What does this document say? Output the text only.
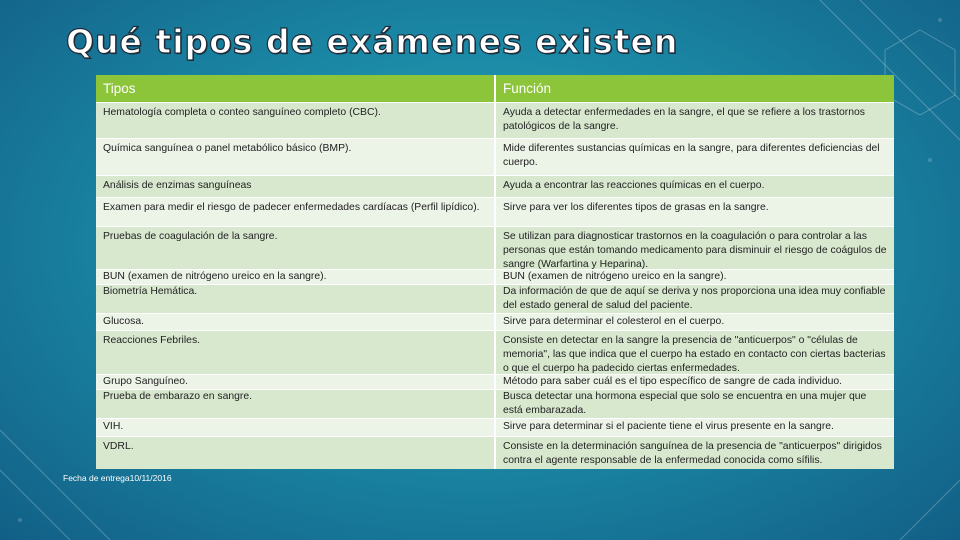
Qué tipos de exámenes existen
Tipos	Función
Hematología completa o conteo sanguíneo completo (CBC).	Ayuda a detectar enfermedades en la sangre, el que se refiere a los trastornos patológicos de la sangre.
Química sanguínea o panel metabólico básico (BMP).	Mide diferentes sustancias químicas en la sangre, para diferentes deficiencias del cuerpo.
Análisis de enzimas sanguíneas	Ayuda a encontrar las reacciones químicas en el cuerpo.
Examen para medir el riesgo de padecer enfermedades cardíacas (Perfil lipídico).	Sirve para ver los diferentes tipos de grasas en la sangre.
Pruebas de coagulación de la sangre.	Se utilizan para diagnosticar trastornos en la coagulación o para controlar a las personas que están tomando medicamento para disminuir el riesgo de coágulos de sangre (Warfartina y Heparina).
BUN (examen de nitrógeno ureico en la sangre).	BUN (examen de nitrógeno ureico en la sangre).
Biometría Hemática.	Da información de que de aquí se deriva y nos proporciona una idea muy confiable del estado general de salud del paciente.
Glucosa.	Sirve para determinar el colesterol en el cuerpo.
Reacciones Febriles.	Consiste en detectar en la sangre la presencia de "anticuerpos" o "células de memoria", las que indica que el cuerpo ha estado en contacto con ciertas bacterias o que el cuerpo ha padecido ciertas enfermedades.
Grupo Sanguíneo.	Método para saber cuál es el tipo específico de sangre de cada individuo.
Prueba de embarazo en sangre.	Busca detectar una hormona especial que solo se encuentra en una mujer que está embarazada.
VIH.	Sirve para determinar si el paciente tiene el virus presente en la sangre.
VDRL.	Consiste en la determinación sanguínea de la presencia de "anticuerpos" dirigidos contra el agente responsable de la enfermedad conocida como sífilis.
Fecha de entrega10/11/2016
